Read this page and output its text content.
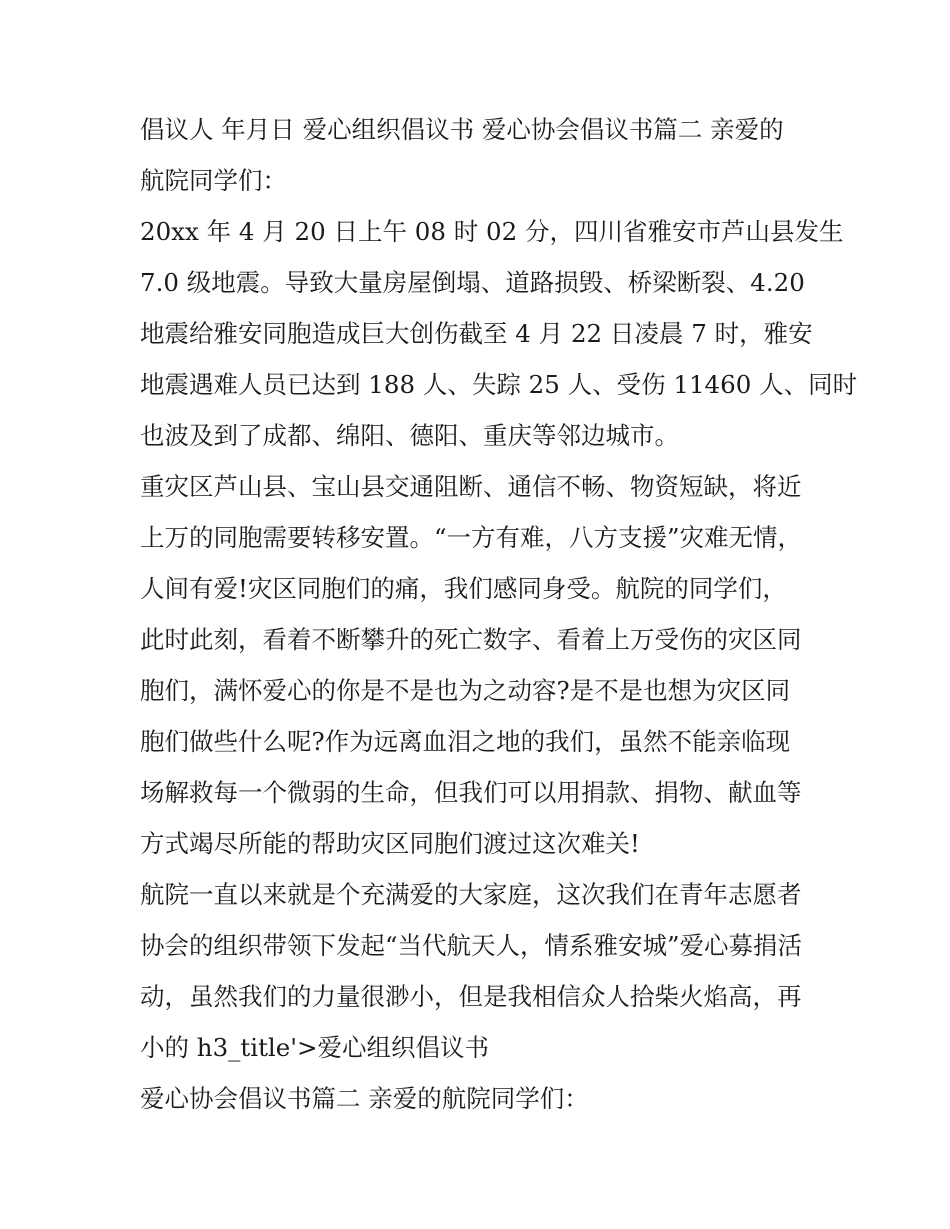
倡议人 年月日 爱心组织倡议书 爱心协会倡议书篇二 亲爱的
航院同学们：
20xx 年 4 月 20 日上午 08 时 02 分，四川省雅安市芦山县发生
7.0 级地震。导致大量房屋倒塌、道路损毁、桥梁断裂、4.20
地震给雅安同胞造成巨大创伤截至 4 月 22 日凌晨 7 时，雅安
地震遇难人员已达到 188 人、失踪 25 人、受伤 11460 人、同时
也波及到了成都、绵阳、德阳、重庆等邻边城市。
重灾区芦山县、宝山县交通阻断、通信不畅、物资短缺，将近
上万的同胞需要转移安置。“一方有难，八方支援”灾难无情，
人间有爱!灾区同胞们的痛，我们感同身受。航院的同学们，
此时此刻，看着不断攀升的死亡数字、看着上万受伤的灾区同
胞们，满怀爱心的你是不是也为之动容?是不是也想为灾区同
胞们做些什么呢?作为远离血泪之地的我们，虽然不能亲临现
场解救每一个微弱的生命，但我们可以用捐款、捐物、献血等
方式竭尽所能的帮助灾区同胞们渡过这次难关!
航院一直以来就是个充满爱的大家庭，这次我们在青年志愿者
协会的组织带领下发起“当代航天人，情系雅安城”爱心募捐活
动，虽然我们的力量很渺小，但是我相信众人拾柴火焰高，再
小的 h3_title'>爱心组织倡议书
爱心协会倡议书篇二 亲爱的航院同学们：
